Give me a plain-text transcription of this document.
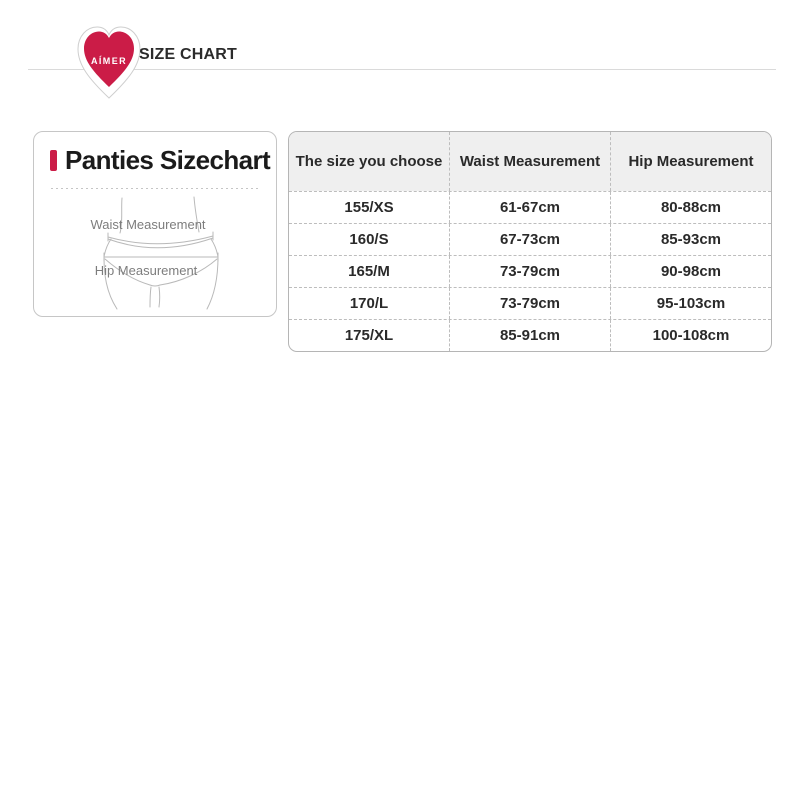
AÍMER SIZE CHART
Panties Sizechart
Waist Measurement
Hip Measurement
The size you choose	Waist Measurement	Hip Measurement
155/XS	61-67cm	80-88cm
160/S	67-73cm	85-93cm
165/M	73-79cm	90-98cm
170/L	73-79cm	95-103cm
175/XL	85-91cm	100-108cm
